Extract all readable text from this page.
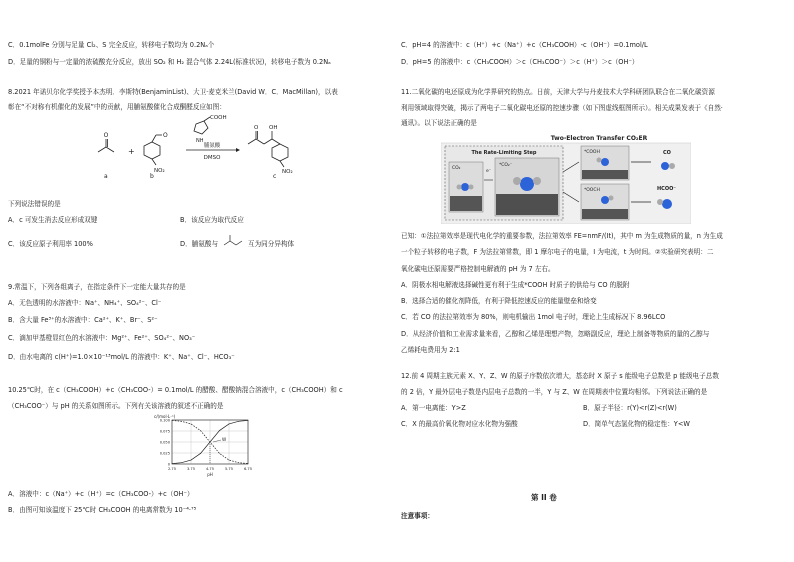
C．0.1molFe 分别与足量 Cl₂、S 完全反应，转移电子数均为 0.2Nₐ个
D．足量的铜粉与一定量的浓硫酸充分反应，放出 SO₂ 和 H₂ 混合气体 2.24L(标准状况)，转移电子数为 0.2Nₐ
8.2021 年诺贝尔化学奖授予本杰明．李斯特(BenjaminList)、大卫·麦克米兰(David W．C．MacMillan)，以表
彰在“不对称有机催化的发展”中的贡献，用脯氨酸催化合成酮醛反应如图：
O
a
+
O
NO₂
b
COOH
NH
脯氨酸
DMSO
O OH
NO₂
c
下列说法错误的是
A．c 可发生消去反应形成双键	B．该反应为取代反应
C．该反应原子利用率 100%	D．脯氨酸与	互为同分异构体
9.常温下，下列各组离子，在指定条件下一定能大量共存的是
A．无色透明的水溶液中：Na⁺、NH₄⁺、SO₄²⁻、Cl⁻
B．含大量 Fe³⁺的水溶液中：Ca²⁺、K⁺、Br⁻、S²⁻
C．滴加甲基橙显红色的水溶液中：Mg²⁺、Fe²⁺、SO₄²⁻、NO₃⁻
D．由水电离的 c(H⁺)=1.0×10⁻¹³mol/L 的溶液中：K⁺、Na⁺、Cl⁻、HCO₃⁻
10.25℃时，在 c（CH₃COOH）+c（CH₃COO-）= 0.1mol/L 的醋酸、醋酸钠混合溶液中，c（CH₃COOH）和 c
（CH₃COO⁻）与 pH 的关系如图所示。下列有关该溶液的叙述不正确的是
c/(mol·L⁻¹)
2.75	3.75	4.75	5.75	6.75
0.100
0.075
0.050
0.025
0
pH
W
A．溶液中：c（Na⁺）+c（H⁺）=c（CH₃COO-）+c（OH⁻）
B．由图可知该温度下 25℃时 CH₃COOH 的电离常数为 10⁻⁴·⁷⁵
C．pH=4 的溶液中：c（H⁺）+c（Na⁺）+c（CH₃COOH）-c（OH⁻）=0.1mol/L
D．pH=5 的溶液中：c（CH₃COOH）＞c（CH₃COO⁻）＞c（H⁺）＞c（OH⁻）
11.二氧化碳的电还原成为化学界研究的热点。日前，天津大学与丹麦技术大学科研团队联合在二氧化碳资源
利用领域取得突破，揭示了两电子二氧化碳电还原的控速步骤（如下图虚线框图所示）。相关成果发表于《自然·
通讯》。以下说法正确的是
Two-Electron Transfer CO₂ER
The Rate-Limiting Step
CO₂
e⁻
*CO₂⁻
*COOH
*OOCH
CO
HCOO⁻
已知：①法拉第效率是现代电化学的重要参数，法拉第效率 FE=nmF/(It)，其中 m 为生成物质的量，n 为生成
一个粒子转移的电子数，F 为法拉第常数，即 1 摩尔电子的电量，I 为电流，t 为时间。②实验研究表明：二
氧化碳电还原需要严格控制电解液的 pH 为 7 左右。
A．阴极水相电解液选择碱性更有利于生成*COOH 时质子的供给与 CO 的脱附
B．选择合适的催化剂降低，有利于降低控速反应的能量壁垒和焓变
C．若 CO 的法拉第效率为 80%，则电机输出 1mol 电子时，理论上生成标况下 8.96LCO
D．从经济价值和工业需求量来看，乙醇和乙烯是理想产物，忽略副反应，理论上制备等物质的量的乙醇与
乙烯耗电费用为 2:1
12.前 4 周期主族元素 X、Y、Z、W 的原子序数依次增大，基态时 X 原子 s 能级电子总数是 p 能级电子总数
的 2 倍，Y 最外层电子数是内层电子总数的一半，Y 与 Z、W 在周期表中位置均相邻。下列说法正确的是
A．第一电离能：Y>Z	B．原子半径：r(Y)<r(Z)<r(W)
C．X 的最高价氧化物对应水化物为强酸	D．简单气态氢化物的稳定性：Y<W
第 II 卷
注意事项：
